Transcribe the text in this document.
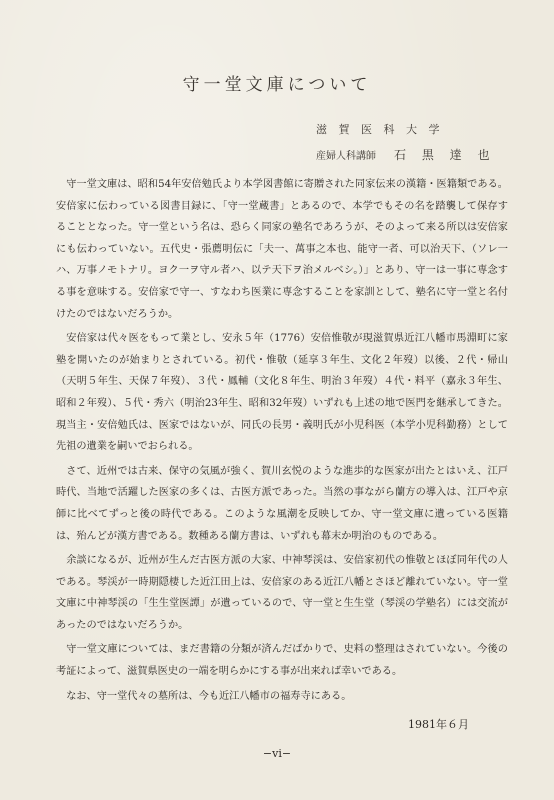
守一堂文庫について
滋 賀 医 科 大 学
産婦人科講師 石 黒 達 也

守一堂文庫は、昭和54年安倍勉氏より本学図書館に寄贈された同家伝来の漢籍・医籍類である。安倍家に伝わっている図書目録に、「守一堂蔵書」とあるので、本学でもその名を踏襲して保存することとなった。守一堂という名は、恐らく同家の塾名であろうが、そのよって来る所以は安倍家にも伝わっていない。五代史・張薦明伝に「夫一、萬事之本也、能守一者、可以治天下、（ソレ一ハ、万事ノモトナリ。ヨク一ヲ守ル者ハ、以テ天下ヲ治メルベシ。）」とあり、守一は一事に専念する事を意味する。安倍家で守一、すなわち医業に専念することを家訓として、塾名に守一堂と名付けたのではないだろうか。

安倍家は代々医をもって業とし、安永５年（1776）安倍惟敬が現滋賀県近江八幡市馬淵町に家塾を開いたのが始まりとされている。初代・惟敬（延享３年生、文化２年歿）以後、２代・帰山（天明５年生、天保７年歿）、３代・鳳輔（文化８年生、明治３年歿）４代・料平（嘉永３年生、昭和２年歿）、５代・秀六（明治23年生、昭和32年歿）いずれも上述の地で医門を継承してきた。現当主・安倍勉氏は、医家ではないが、同氏の長男・義明氏が小児科医（本学小児科勤務）として先祖の遺業を嗣いでおられる。

さて、近州では古来、保守の気風が強く、賀川玄悦のような進歩的な医家が出たとはいえ、江戸時代、当地で活躍した医家の多くは、古医方派であった。当然の事ながら蘭方の導入は、江戸や京師に比べてずっと後の時代である。このような風潮を反映してか、守一堂文庫に遺っている医籍は、殆んどが漢方書である。数種ある蘭方書は、いずれも幕末か明治のものである。

余談になるが、近州が生んだ古医方派の大家、中神琴渓は、安倍家初代の惟敬とほぼ同年代の人である。琴渓が一時期隠棲した近江田上は、安倍家のある近江八幡とさほど離れていない。守一堂文庫に中神琴渓の「生生堂医譚」が遺っているので、守一堂と生生堂（琴渓の学塾名）には交流があったのではないだろうか。

守一堂文庫については、まだ書籍の分類が済んだばかりで、史料の整理はされていない。今後の考証によって、滋賀県医史の一端を明らかにする事が出来れば幸いである。

なお、守一堂代々の墓所は、今も近江八幡市の福寿寺にある。

1981年６月
−vi−
